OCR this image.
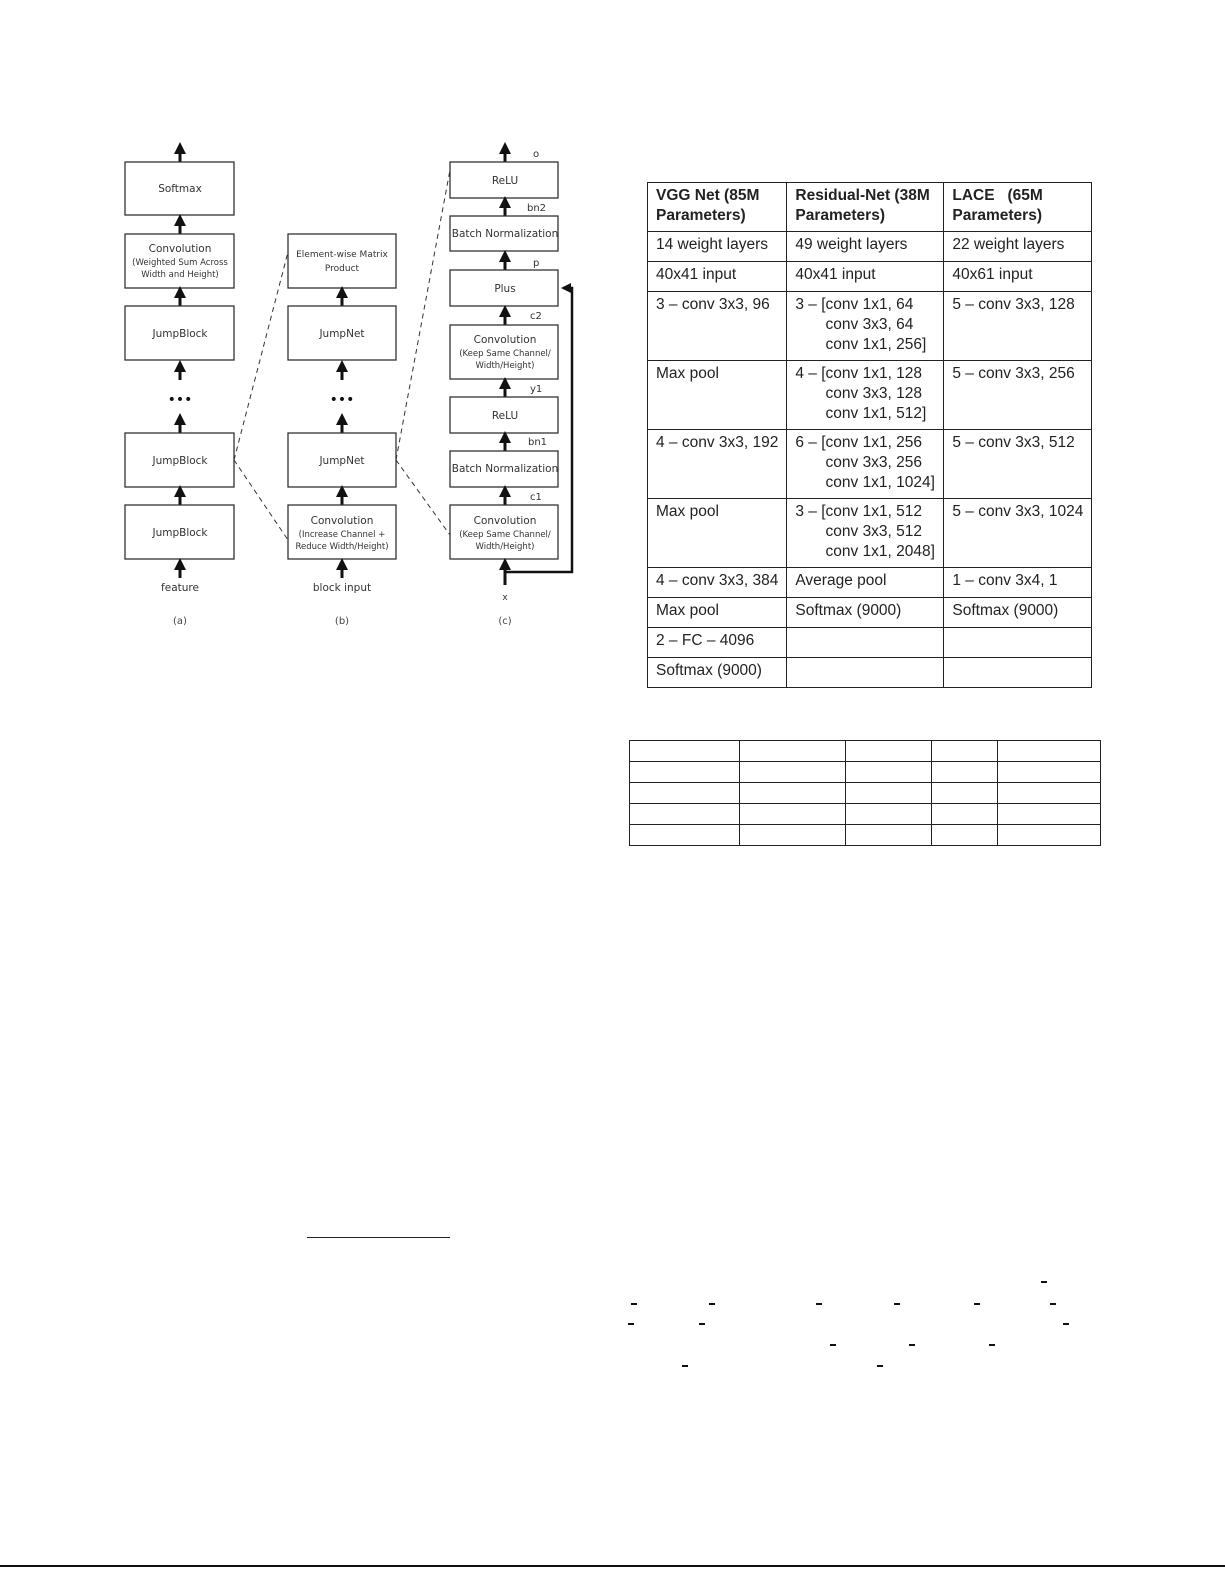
Softmax
Convolution
(Weighted Sum Across
Width and Height)
JumpBlock
•••
JumpBlock
JumpBlock
feature
(a)
Element-wise Matrix
Product
JumpNet
•••
JumpNet
Convolution
(Increase Channel +
Reduce Width/Height)
block input
(b)
o
ReLU
bn2
Batch Normalization
p
Plus
c2
Convolution
(Keep Same Channel/
Width/Height)
y1
ReLU
bn1
Batch Normalization
c1
Convolution
(Keep Same Channel/
Width/Height)
x
(c)
VGG Net (85M
Parameters)	Residual-Net (38M
Parameters)	LACE   (65M
Parameters)
14 weight layers	49 weight layers	22 weight layers
40x41 input	40x41 input	40x61 input
3 – conv 3x3, 96	3 – [conv 1x1, 64
conv 3x3, 64
conv 1x1, 256]	5 – conv 3x3, 128
Max pool	4 – [conv 1x1, 128
conv 3x3, 128
conv 1x1, 512]	5 – conv 3x3, 256
4 – conv 3x3, 192	6 – [conv 1x1, 256
conv 3x3, 256
conv 1x1, 1024]	5 – conv 3x3, 512
Max pool	3 – [conv 1x1, 512
conv 3x3, 512
conv 1x1, 2048]	5 – conv 3x3, 1024
4 – conv 3x3, 384	Average pool	1 – conv 3x4, 1
Max pool	Softmax (9000)	Softmax (9000)
2 – FC – 4096		
Softmax (9000)		
